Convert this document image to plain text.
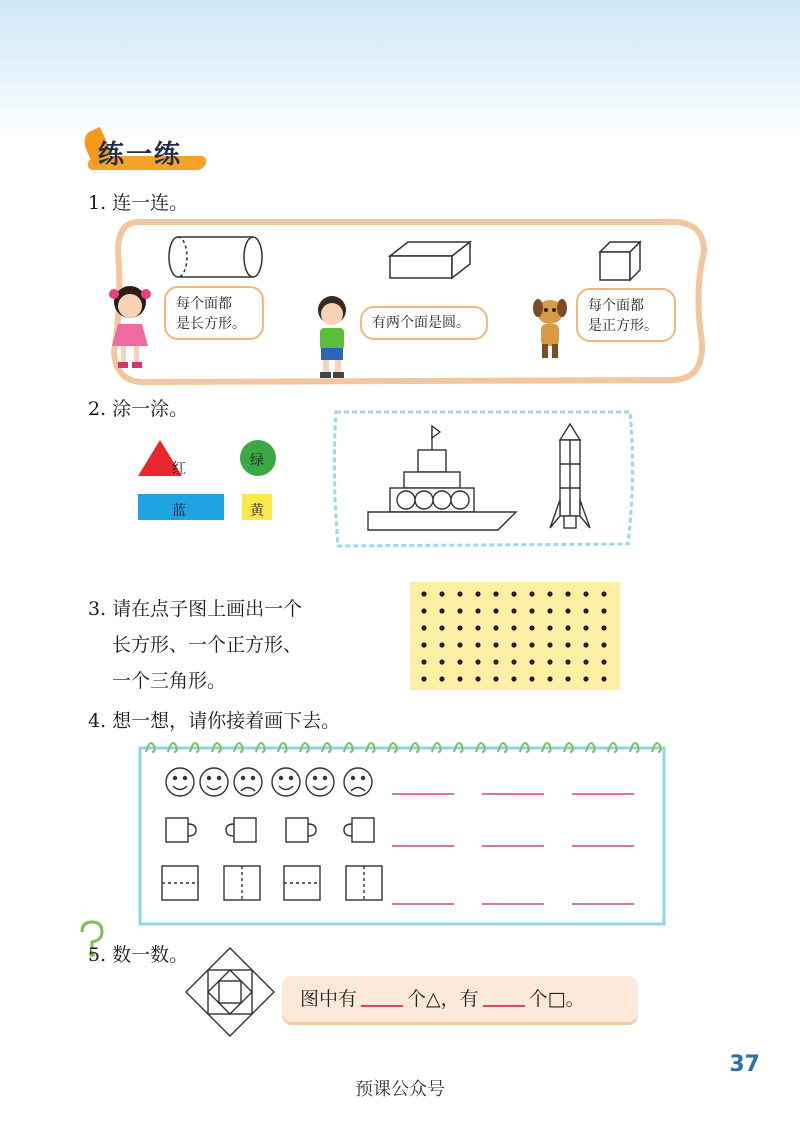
练一练
1. 连一连。
每个面都
是长方形。	有两个面是圆。
每个面都
是正方形。
2. 涂一涂。
红	绿
蓝	黄
3. 请在点子图上画出一个
长方形、一个正方形、
一个三角形。
4. 想一想，请你接着画下去。
5. 数一数。
图中有	个△，有	个□。
37
预课公众号
